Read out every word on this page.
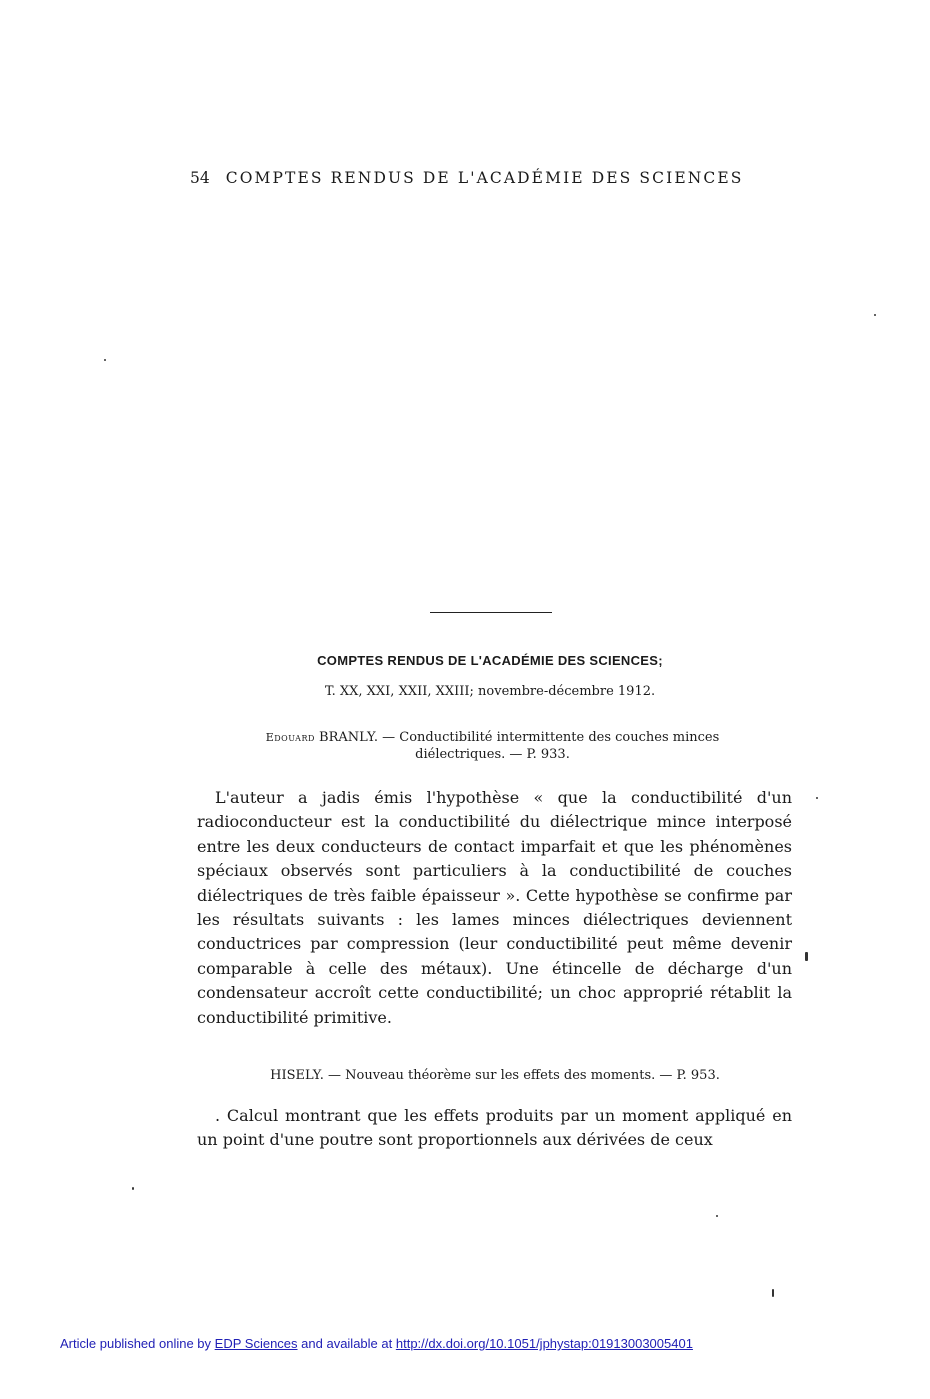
54 COMPTES RENDUS DE L'ACADÉMIE DES SCIENCES
COMPTES RENDUS DE L'ACADÉMIE DES SCIENCES;
T. XX, XXI, XXII, XXIII; novembre-décembre 1912.
Edouard BRANLY. — Conductibilité intermittente des couches minces diélectriques. — P. 933.

L'auteur a jadis émis l'hypothèse « que la conductibilité d'un radioconducteur est la conductibilité du diélectrique mince interposé entre les deux conducteurs de contact imparfait et que les phénomènes spéciaux observés sont particuliers à la conductibilité de couches diélectriques de très faible épaisseur ». Cette hypothèse se confirme par les résultats suivants : les lames minces diélectriques deviennent conductrices par compression (leur conductibilité peut même devenir comparable à celle des métaux). Une étincelle de décharge d'un condensateur accroît cette conductibilité; un choc approprié rétablit la conductibilité primitive.

HISELY. — Nouveau théorème sur les effets des moments. — P. 953.

. Calcul montrant que les effets produits par un moment appliqué en un point d'une poutre sont proportionnels aux dérivées de ceux

Article published online by EDP Sciences and available at http://dx.doi.org/10.1051/jphystap:01913003005401
